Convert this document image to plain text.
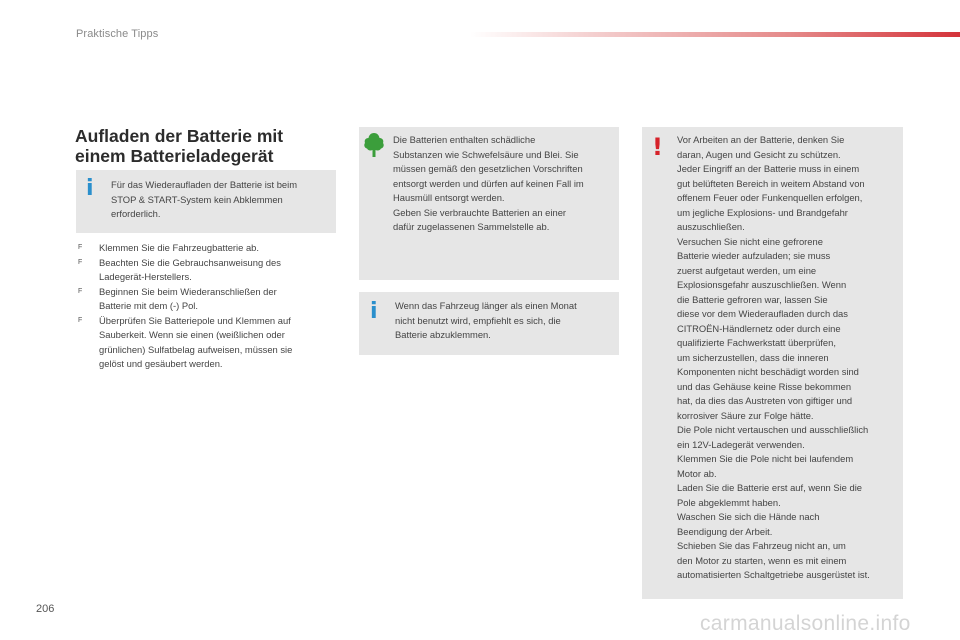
Praktische Tipps
Aufladen der Batterie mit
einem Batterieladegerät
i Für das Wiederaufladen der Batterie ist beim
STOP & START-System kein Abklemmen
erforderlich.
F Klemmen Sie die Fahrzeugbatterie ab.
F Beachten Sie die Gebrauchsanweisung des
Ladegerät-Herstellers.
F Beginnen Sie beim Wiederanschließen der
Batterie mit dem (-) Pol.
F Überprüfen Sie Batteriepole und Klemmen auf
Sauberkeit. Wenn sie einen (weißlichen oder
grünlichen) Sulfatbelag aufweisen, müssen sie
gelöst und gesäubert werden.
Die Batterien enthalten schädliche
Substanzen wie Schwefelsäure und Blei. Sie
müssen gemäß den gesetzlichen Vorschriften
entsorgt werden und dürfen auf keinen Fall im
Hausmüll entsorgt werden.
Geben Sie verbrauchte Batterien an einer
dafür zugelassenen Sammelstelle ab.
i Wenn das Fahrzeug länger als einen Monat
nicht benutzt wird, empfiehlt es sich, die
Batterie abzuklemmen.
! Vor Arbeiten an der Batterie, denken Sie
daran, Augen und Gesicht zu schützen.
Jeder Eingriff an der Batterie muss in einem
gut belüfteten Bereich in weitem Abstand von
offenem Feuer oder Funkenquellen erfolgen,
um jegliche Explosions- und Brandgefahr
auszuschließen.
Versuchen Sie nicht eine gefrorene
Batterie wieder aufzuladen; sie muss
zuerst aufgetaut werden, um eine
Explosionsgefahr auszuschließen. Wenn
die Batterie gefroren war, lassen Sie
diese vor dem Wiederaufladen durch das
CITROËN-Händlernetz oder durch eine
qualifizierte Fachwerkstatt überprüfen,
um sicherzustellen, dass die inneren
Komponenten nicht beschädigt worden sind
und das Gehäuse keine Risse bekommen
hat, da dies das Austreten von giftiger und
korrosiver Säure zur Folge hätte.
Die Pole nicht vertauschen und ausschließlich
ein 12V-Ladegerät verwenden.
Klemmen Sie die Pole nicht bei laufendem
Motor ab.
Laden Sie die Batterie erst auf, wenn Sie die
Pole abgeklemmt haben.
Waschen Sie sich die Hände nach
Beendigung der Arbeit.
Schieben Sie das Fahrzeug nicht an, um
den Motor zu starten, wenn es mit einem
automatisierten Schaltgetriebe ausgerüstet ist.
206
carmanualsonline.info
